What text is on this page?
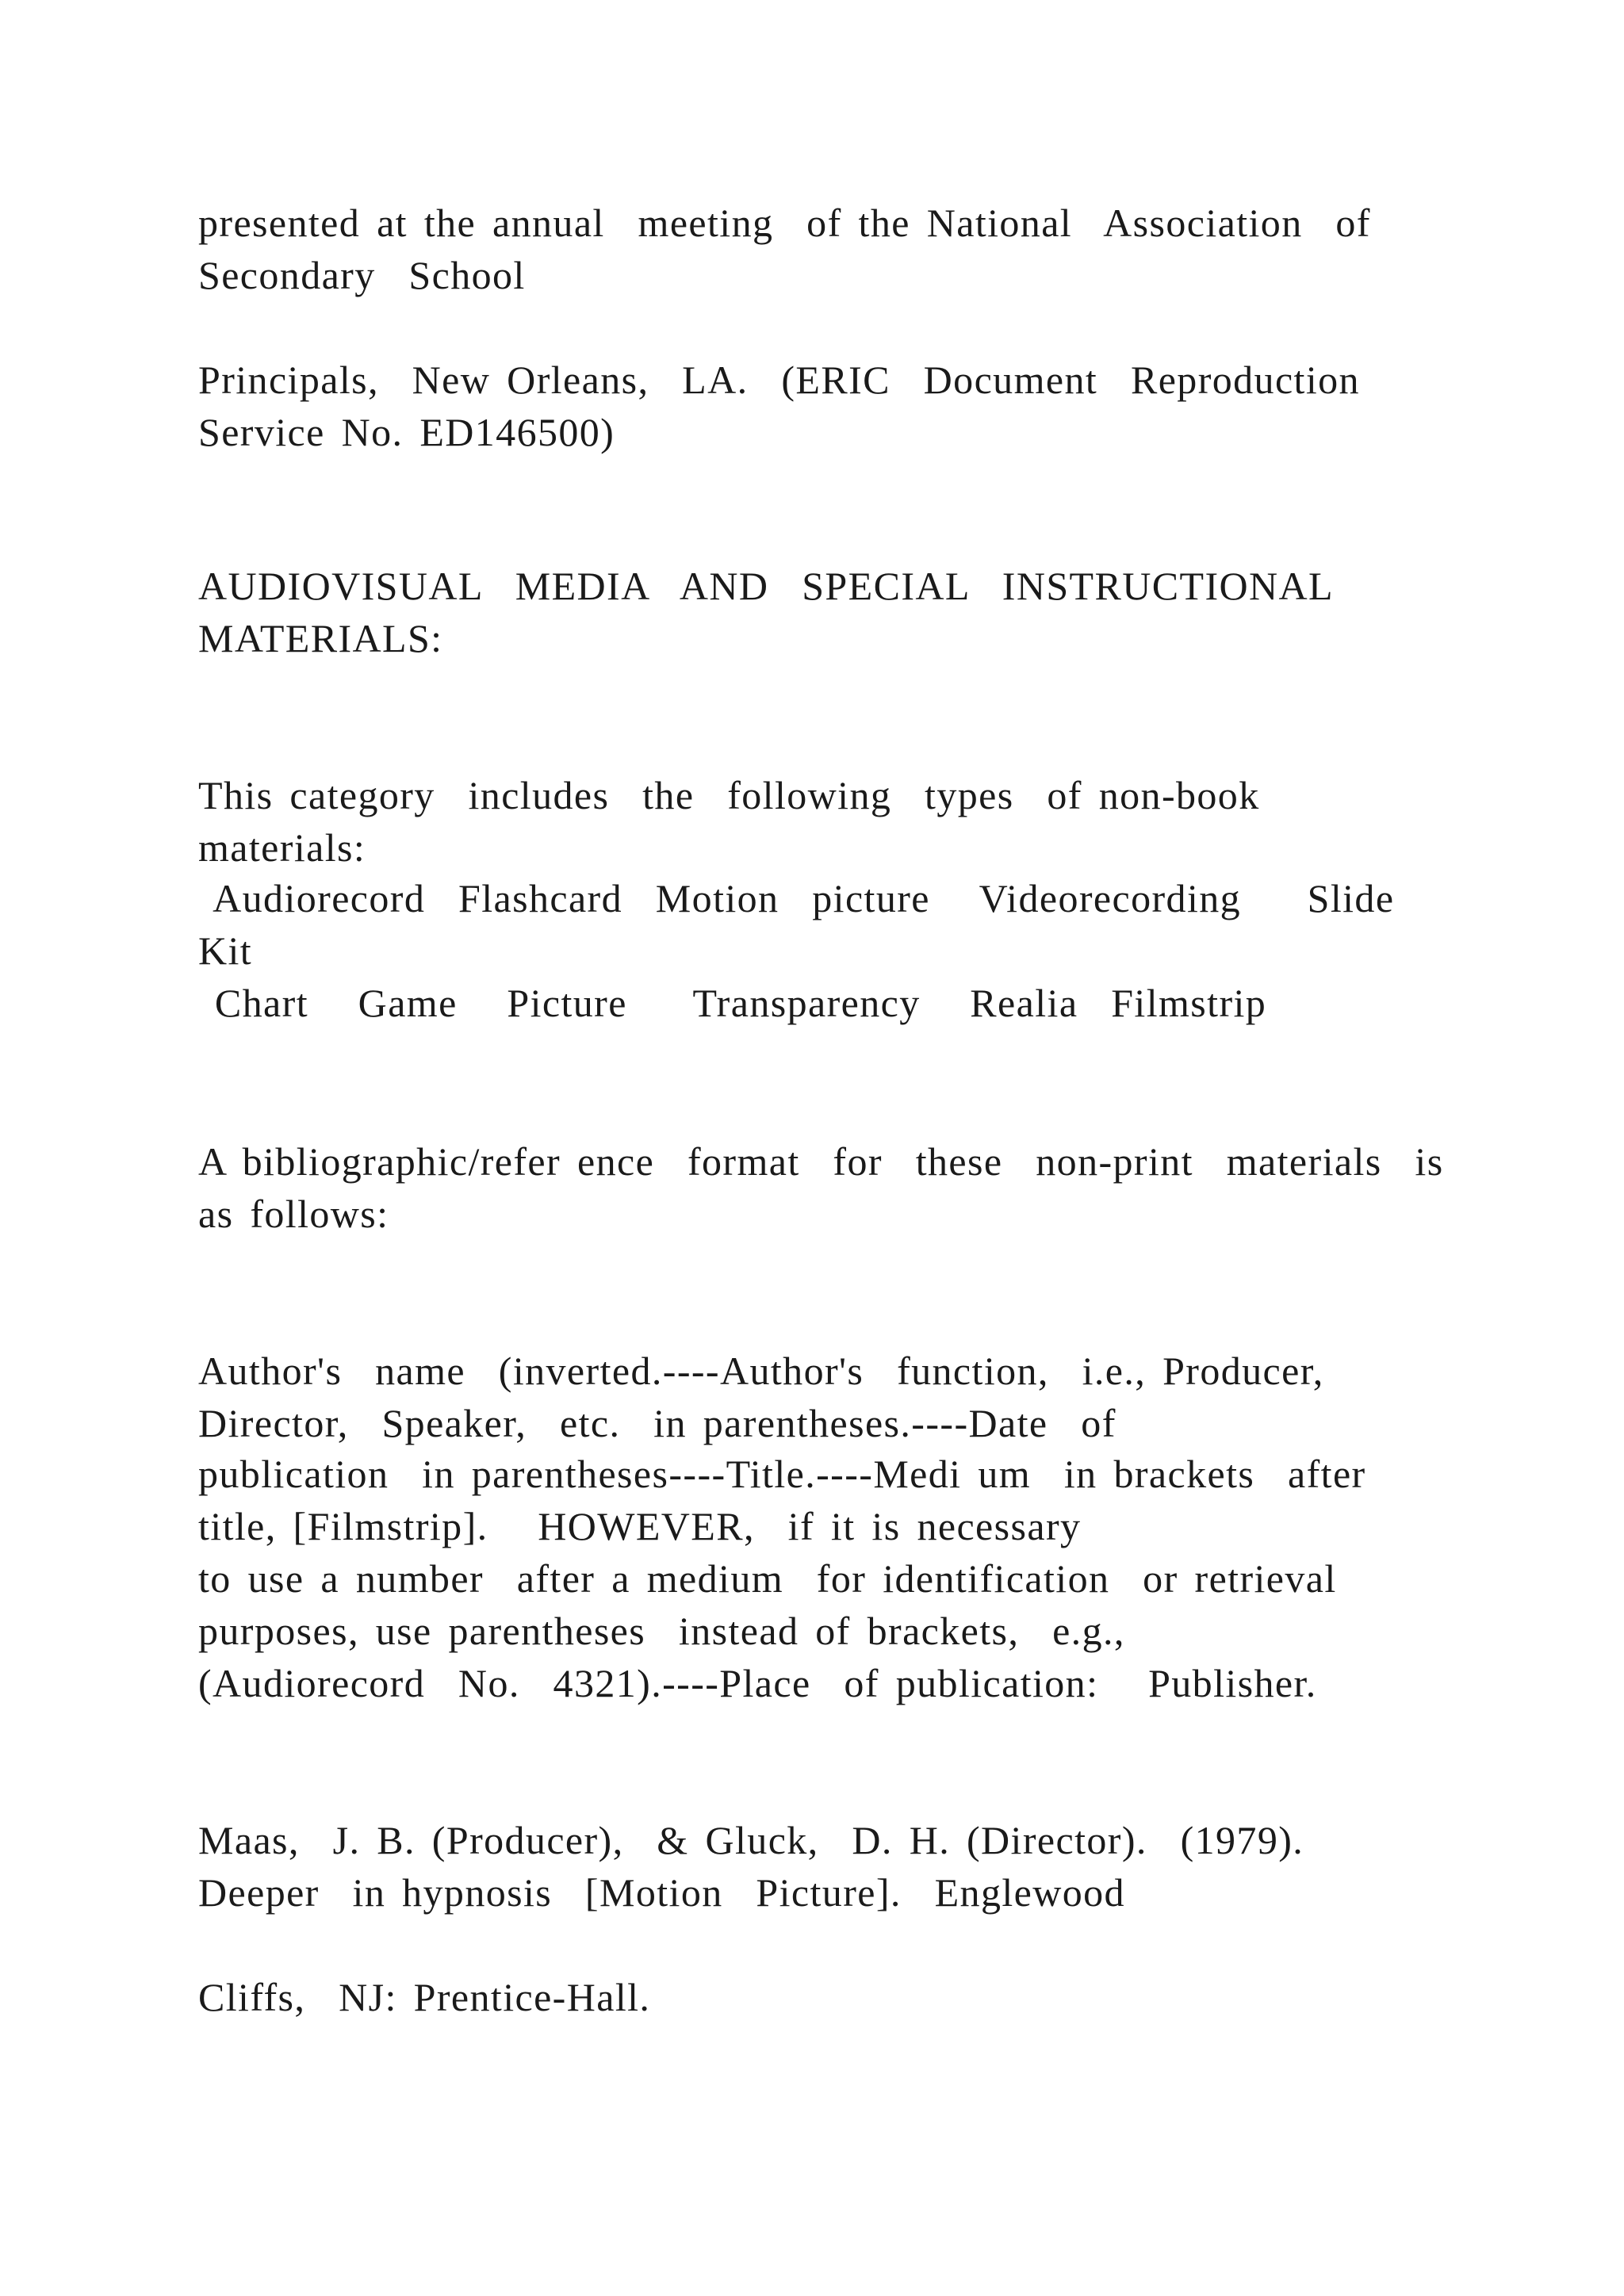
presented at the annual  meeting  of the National  Association  of

Secondary  School

Principals,  New Orleans,  LA.  (ERIC  Document  Reproduction

Service No. ED146500)

AUDIOVISUAL  MEDIA  AND  SPECIAL  INSTRUCTIONAL

MATERIALS:

This category  includes  the  following  types  of non-book

materials:

Audiorecord  Flashcard  Motion  picture   Videorecording    Slide

Kit

Chart   Game   Picture    Transparency   Realia  Filmstrip

A bibliographic/refer ence  format  for  these  non-print  materials  is

as follows:

Author's  name  (inverted.----Author's  function,  i.e., Producer,

Director,  Speaker,  etc.  in parentheses.----Date  of

publication  in parentheses----Title.----Medi um  in brackets  after

title, [Filmstrip].   HOWEVER,  if it is necessary

to use a number  after a medium  for identification  or retrieval

purposes, use parentheses  instead of brackets,  e.g.,

(Audiorecord  No.  4321).----Place  of publication:   Publisher.

Maas,  J. B. (Producer),  & Gluck,  D. H. (Director).  (1979).

Deeper  in hypnosis  [Motion  Picture].  Englewood

Cliffs,  NJ: Prentice-Hall.
